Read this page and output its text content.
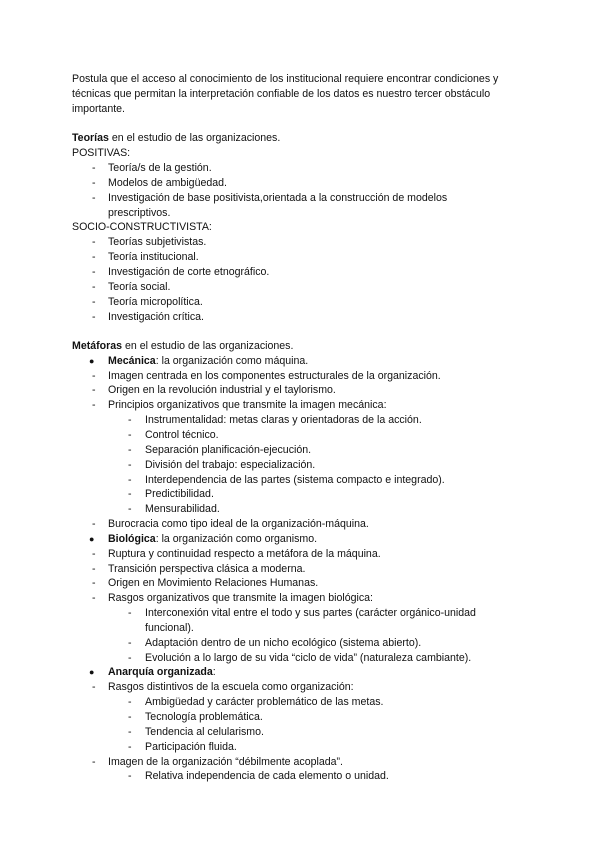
Postula que el acceso al conocimiento de los institucional requiere encontrar condiciones y
técnicas que permitan la interpretación confiable de los datos es nuestro tercer obstáculo
importante.
Teorías en el estudio de las organizaciones.
POSITIVAS:
- Teoría/s de la gestión.
- Modelos de ambigüedad.
- Investigación de base positivista,orientada a la construcción de modelos
prescriptivos.
SOCIO-CONSTRUCTIVISTA:
- Teorías subjetivistas.
- Teoría institucional.
- Investigación de corte etnográfico.
- Teoría social.
- Teoría micropolítica.
- Investigación crítica.
Metáforas en el estudio de las organizaciones.
● Mecánica: la organización como máquina.
- Imagen centrada en los componentes estructurales de la organización.
- Origen en la revolución industrial y el taylorismo.
- Principios organizativos que transmite la imagen mecánica:
- Instrumentalidad: metas claras y orientadoras de la acción.
- Control técnico.
- Separación planificación-ejecución.
- División del trabajo: especialización.
- Interdependencia de las partes (sistema compacto e integrado).
- Predictibilidad.
- Mensurabilidad.
- Burocracia como tipo ideal de la organización-máquina.
● Biológica: la organización como organismo.
- Ruptura y continuidad respecto a metáfora de la máquina.
- Transición perspectiva clásica a moderna.
- Origen en Movimiento Relaciones Humanas.
- Rasgos organizativos que transmite la imagen biológica:
- Interconexión vital entre el todo y sus partes (carácter orgánico-unidad
funcional).
- Adaptación dentro de un nicho ecológico (sistema abierto).
- Evolución a lo largo de su vida “ciclo de vida” (naturaleza cambiante).
● Anarquía organizada:
- Rasgos distintivos de la escuela como organización:
- Ambigüedad y carácter problemático de las metas.
- Tecnología problemática.
- Tendencia al celularismo.
- Participación fluida.
- Imagen de la organización “débilmente acoplada”.
- Relativa independencia de cada elemento o unidad.
